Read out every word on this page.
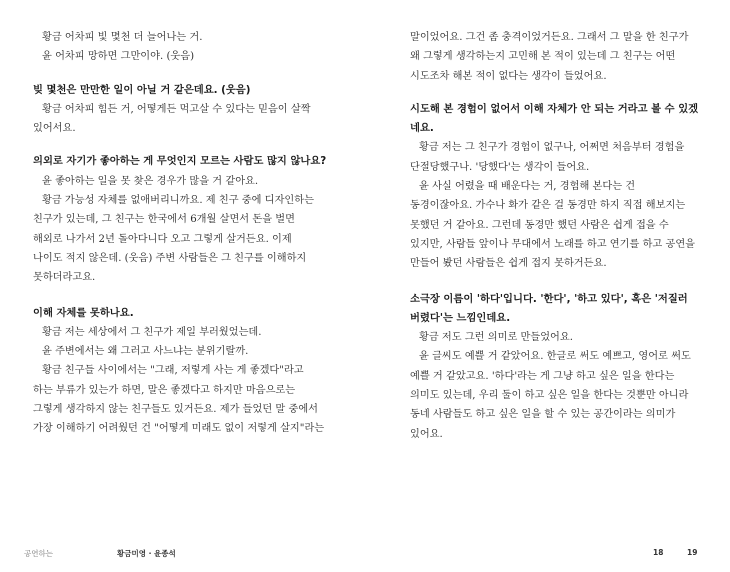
황금 어차피 빛 몇천 더 늘어나는 거.

윤 어차피 망하면 그만이야. (웃음)

빚 몇천은 만만한 일이 아닐 거 같은데요. (웃음)

황금 어차피 힘든 거, 어떻게든 먹고살 수 있다는 믿음이 살짝

있어서요.

의외로 자기가 좋아하는 게 무엇인지 모르는 사람도 많지 않나요?

윤 좋아하는 일을 못 찾은 경우가 많을 거 같아요.

황금 가능성 자체를 없애버리니까요. 제 친구 중에 디자인하는

친구가 있는데, 그 친구는 한국에서 6개월 살면서 돈을 벌면

해외로 나가서 2년 돌아다니다 오고 그렇게 살거든요. 이제

나이도 적지 않은데. (웃음) 주변 사람들은 그 친구를 이해하지

못하더라고요.

이해 자체를 못하나요.

황금 저는 세상에서 그 친구가 제일 부러웠었는데.

윤 주변에서는 왜 그러고 사느냐는 분위기랄까.

황금 친구들 사이에서는 "그래, 저렇게 사는 게 좋겠다"라고

하는 부류가 있는가 하면, 말은 좋겠다고 하지만 마음으로는

그렇게 생각하지 않는 친구들도 있거든요. 제가 들었던 말 중에서

가장 이해하기 어려웠던 건 "어떻게 미래도 없이 저렇게 살지"라는

말이었어요. 그건 좀 충격이었거든요. 그래서 그 말을 한 친구가

왜 그렇게 생각하는지 고민해 본 적이 있는데 그 친구는 어떤

시도조차 해본 적이 없다는 생각이 들었어요.

시도해 본 경험이 없어서 이해 자체가 안 되는 거라고 볼 수 있겠네요.

황금 저는 그 친구가 경험이 없구나, 어쩌면 처음부터 경험을

단절당했구나. '당했다'는 생각이 들어요.

윤 사실 어렸을 때 배운다는 거, 경험해 본다는 건

동경이잖아요. 가수나 화가 같은 걸 동경만 하지 직접 해보지는

못했던 거 같아요. 그런데 동경만 했던 사람은 쉽게 접을 수

있지만, 사람들 앞이나 무대에서 노래를 하고 연기를 하고 공연을

만들어 봤던 사람들은 쉽게 접지 못하거든요.

소극장 이름이 '하다'입니다. '한다', '하고 있다', 혹은 '저질러

버렸다'는 느낌인데요.

황금 저도 그런 의미로 만들었어요.

윤 글씨도 예쁠 거 같았어요. 한글로 써도 예쁘고, 영어로 써도

예쁠 거 같았고요. '하다'라는 게 그냥 하고 싶은 일을 한다는

의미도 있는데, 우리 둘이 하고 싶은 일을 한다는 것뿐만 아니라

동네 사람들도 하고 싶은 일을 할 수 있는 공간이라는 의미가

있어요.

공연하는	황금미영 · 윤종석	18	19
